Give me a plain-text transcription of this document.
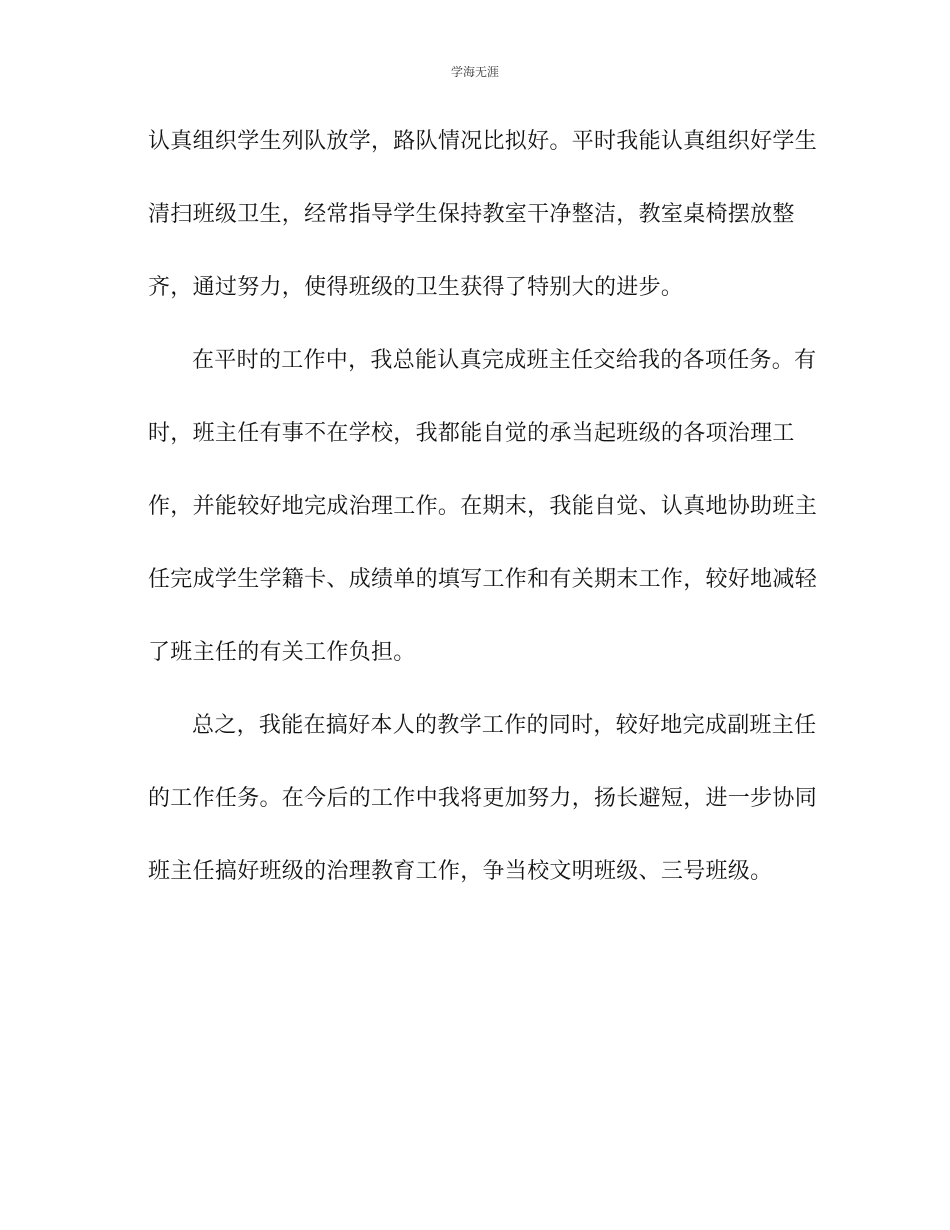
学海无涯
认真组织学生列队放学，路队情况比拟好。平时我能认真组织好学生
清扫班级卫生，经常指导学生保持教室干净整洁，教室桌椅摆放整
齐，通过努力，使得班级的卫生获得了特别大的进步。
在平时的工作中，我总能认真完成班主任交给我的各项任务。有
时，班主任有事不在学校，我都能自觉的承当起班级的各项治理工
作，并能较好地完成治理工作。在期末，我能自觉、认真地协助班主
任完成学生学籍卡、成绩单的填写工作和有关期末工作，较好地减轻
了班主任的有关工作负担。
总之，我能在搞好本人的教学工作的同时，较好地完成副班主任
的工作任务。在今后的工作中我将更加努力，扬长避短，进一步协同
班主任搞好班级的治理教育工作，争当校文明班级、三号班级。
